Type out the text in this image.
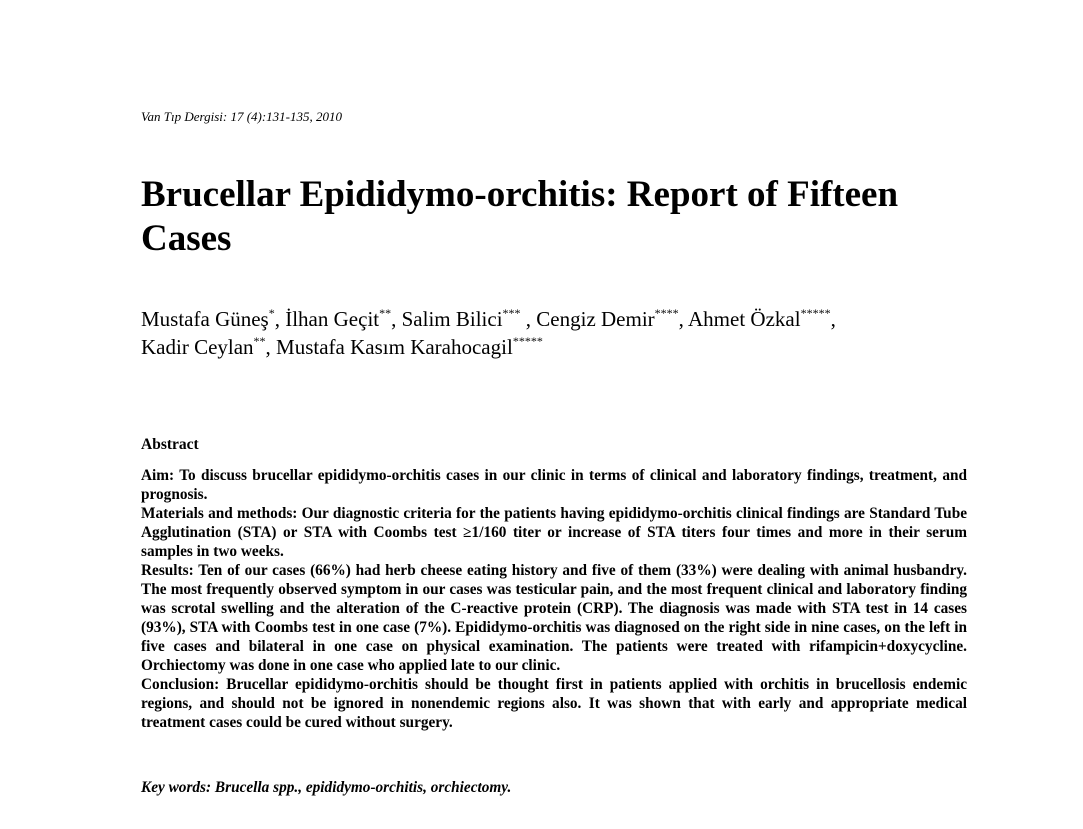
Van Tıp Dergisi: 17 (4):131-135, 2010
Brucellar Epididymo-orchitis: Report of Fifteen Cases
Mustafa Güneş*, İlhan Geçit**, Salim Bilici*** , Cengiz Demir****, Ahmet Özkal*****,
Kadir Ceylan**, Mustafa Kasım Karahocagil*****
Abstract

Aim: To discuss brucellar epididymo-orchitis cases in our clinic in terms of clinical and laboratory findings, treatment, and prognosis.

Materials and methods: Our diagnostic criteria for the patients having epididymo-orchitis clinical findings are Standard Tube Agglutination (STA) or STA with Coombs test ≥1/160 titer or increase of STA titers four times and more in their serum samples in two weeks.

Results: Ten of our cases (66%) had herb cheese eating history and five of them (33%) were dealing with animal husbandry. The most frequently observed symptom in our cases was testicular pain, and the most frequent clinical and laboratory finding was scrotal swelling and the alteration of the C-reactive protein (CRP). The diagnosis was made with STA test in 14 cases (93%), STA with Coombs test in one case (7%). Epididymo-orchitis was diagnosed on the right side in nine cases, on the left in five cases and bilateral in one case on physical examination. The patients were treated with rifampicin+doxycycline. Orchiectomy was done in one case who applied late to our clinic.

Conclusion: Brucellar epididymo-orchitis should be thought first in patients applied with orchitis in brucellosis endemic regions, and should not be ignored in nonendemic regions also. It was shown that with early and appropriate medical treatment cases could be cured without surgery.

Key words: Brucella spp., epididymo-orchitis, orchiectomy.
